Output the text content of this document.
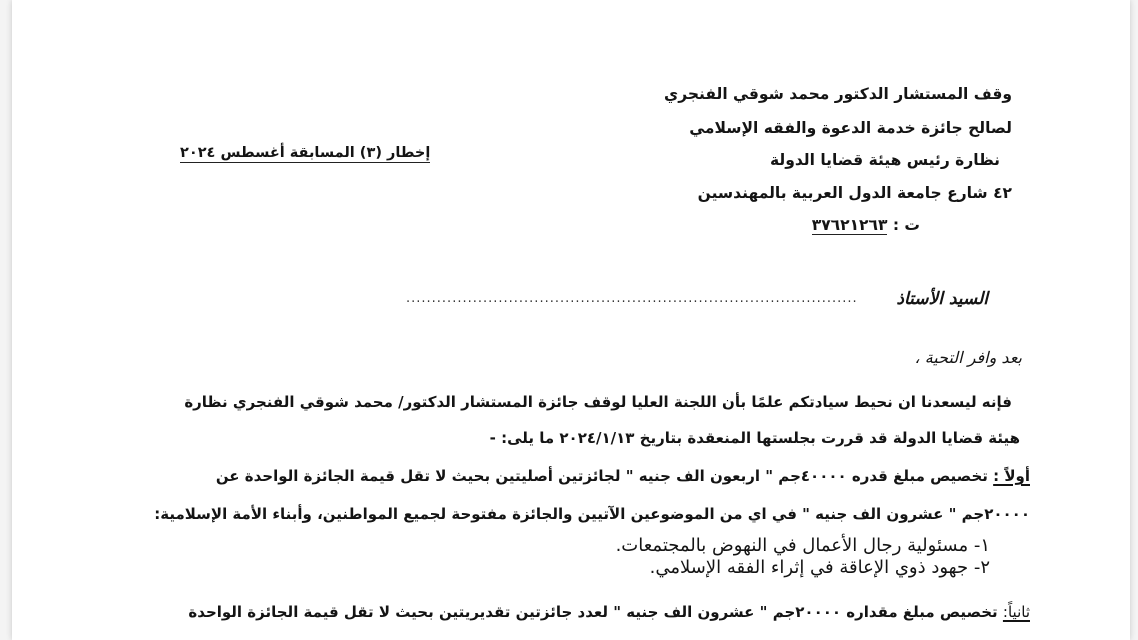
وقف المستشار الدكتور محمد شوقي الفنجري
لصالح جائزة خدمة الدعوة والفقه الإسلامي
نظارة رئيس هيئة قضايا الدولة
٤٢ شارع جامعة الدول العربية بالمهندسين
ت : ٣٧٦٢١٢٦٣
إخطار (٣) المسابقة أغسطس ٢٠٢٤
........................................................................................ السيد الأستاذ
بعد وافر التحية ،
فإنه ليسعدنا ان نحيط سيادتكم علمًا بأن اللجنة العليا لوقف جائزة المستشار الدكتور/ محمد شوقي الفنجري نظارة
هيئة قضايا الدولة قد قررت بجلستها المنعقدة بتاريخ ٢٠٢٤/١/١٣ ما يلى: -
أولاً : تخصيص مبلغ قدره ٤٠٠٠٠جم " اربعون الف جنيه " لجائزتين أصليتين بحيث لا تقل قيمة الجائزة الواحدة عن
٢٠٠٠٠جم " عشرون الف جنيه " في اي من الموضوعين الآتيين والجائزة مفتوحة لجميع المواطنين، وأبناء الأمة الإسلامية:
١- مسئولية رجال الأعمال في النهوض بالمجتمعات.
٢- جهود ذوي الإعاقة في إثراء الفقه الإسلامي.
ثانياً: تخصيص مبلغ مقداره ٢٠٠٠٠جم " عشرون الف جنيه " لعدد جائزتين تقديريتين بحيث لا تقل قيمة الجائزة الواحدة
